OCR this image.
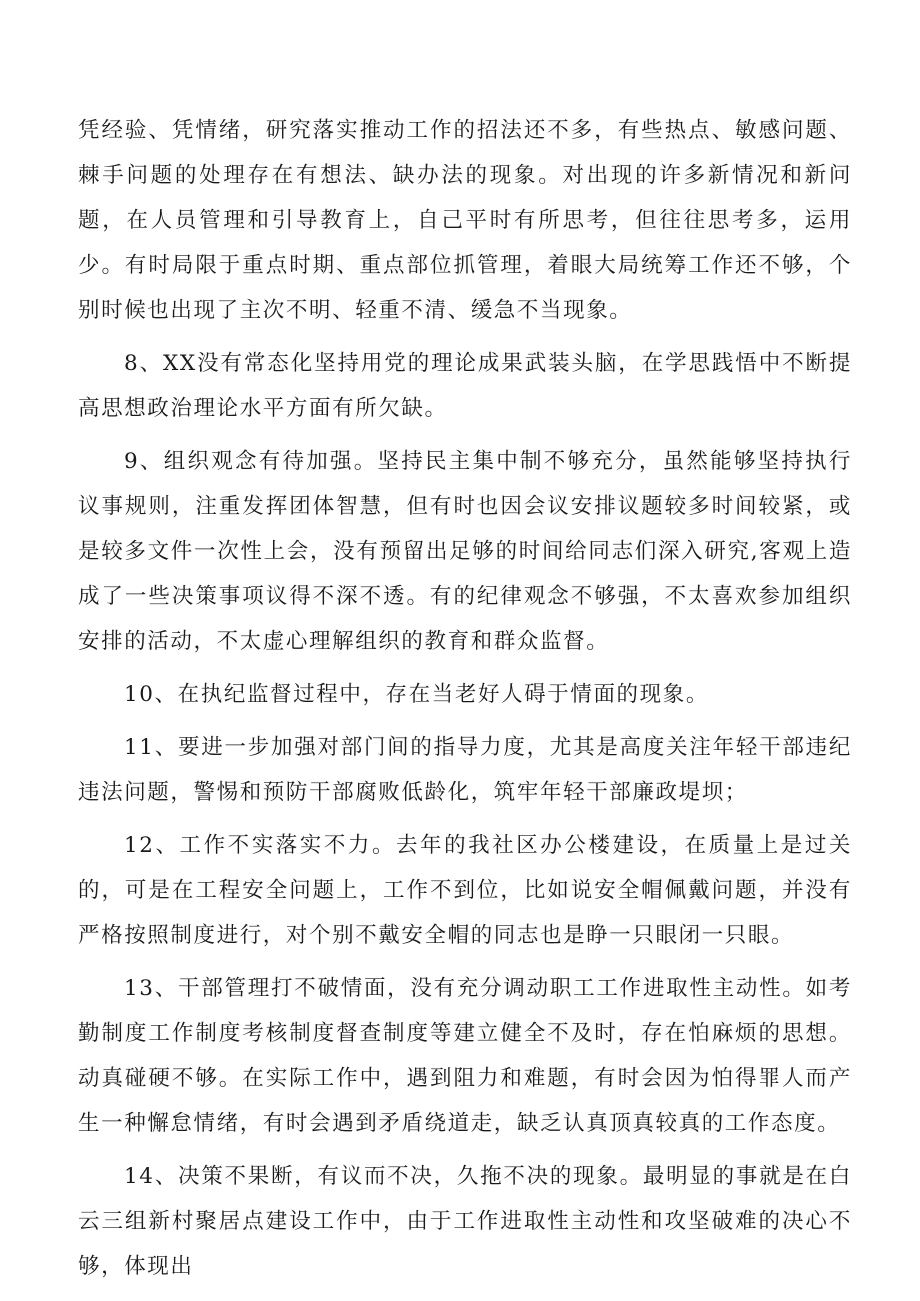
凭经验、凭情绪，研究落实推动工作的招法还不多，有些热点、敏感问题、棘手问题的处理存在有想法、缺办法的现象。对出现的许多新情况和新问题，在人员管理和引导教育上，自己平时有所思考，但往往思考多，运用少。有时局限于重点时期、重点部位抓管理，着眼大局统筹工作还不够，个别时候也出现了主次不明、轻重不清、缓急不当现象。

8、XX没有常态化坚持用党的理论成果武装头脑，在学思践悟中不断提高思想政治理论水平方面有所欠缺。

9、组织观念有待加强。坚持民主集中制不够充分，虽然能够坚持执行议事规则，注重发挥团体智慧，但有时也因会议安排议题较多时间较紧，或是较多文件一次性上会，没有预留出足够的时间给同志们深入研究,客观上造成了一些决策事项议得不深不透。有的纪律观念不够强，不太喜欢参加组织安排的活动，不太虚心理解组织的教育和群众监督。

10、在执纪监督过程中，存在当老好人碍于情面的现象。

11、要进一步加强对部门间的指导力度，尤其是高度关注年轻干部违纪违法问题，警惕和预防干部腐败低龄化，筑牢年轻干部廉政堤坝；

12、工作不实落实不力。去年的我社区办公楼建设，在质量上是过关的，可是在工程安全问题上，工作不到位，比如说安全帽佩戴问题，并没有严格按照制度进行，对个别不戴安全帽的同志也是睁一只眼闭一只眼。

13、干部管理打不破情面，没有充分调动职工工作进取性主动性。如考勤制度工作制度考核制度督查制度等建立健全不及时，存在怕麻烦的思想。动真碰硬不够。在实际工作中，遇到阻力和难题，有时会因为怕得罪人而产生一种懈怠情绪，有时会遇到矛盾绕道走，缺乏认真顶真较真的工作态度。

14、决策不果断，有议而不决，久拖不决的现象。最明显的事就是在白云三组新村聚居点建设工作中，由于工作进取性主动性和攻坚破难的决心不够，体现出
